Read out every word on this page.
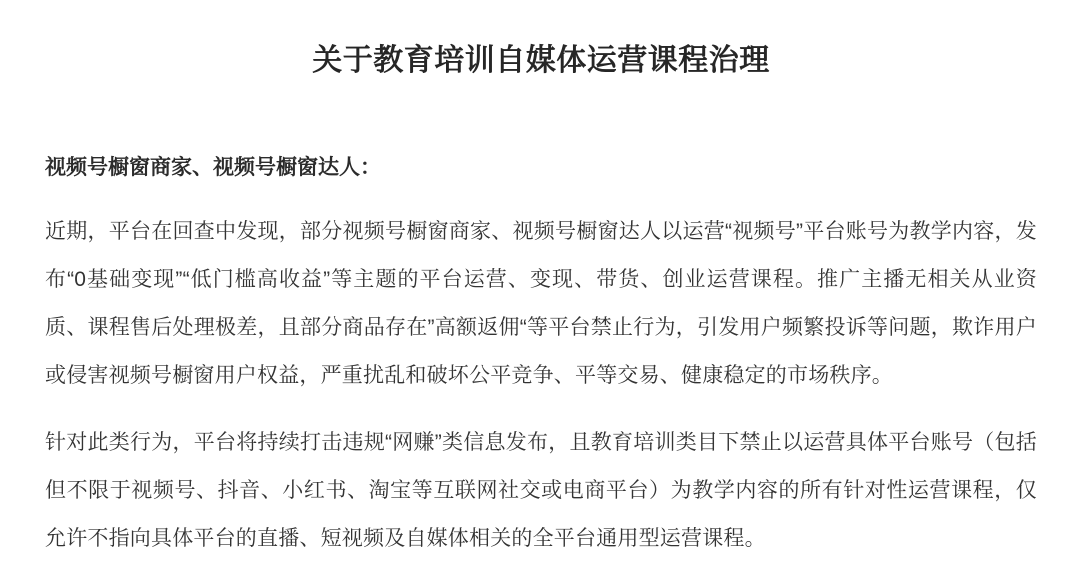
关于教育培训自媒体运营课程治理

视频号橱窗商家、视频号橱窗达人：

近期，平台在回查中发现，部分视频号橱窗商家、视频号橱窗达人以运营“视频号”平台账号为教学内容，发布“0基础变现”“低门槛高收益”等主题的平台运营、变现、带货、创业运营课程。推广主播无相关从业资质、课程售后处理极差，且部分商品存在”高额返佣“等平台禁止行为，引发用户频繁投诉等问题，欺诈用户或侵害视频号橱窗用户权益，严重扰乱和破坏公平竞争、平等交易、健康稳定的市场秩序。

针对此类行为，平台将持续打击违规“网赚”类信息发布，且教育培训类目下禁止以运营具体平台账号（包括但不限于视频号、抖音、小红书、淘宝等互联网社交或电商平台）为教学内容的所有针对性运营课程，仅允许不指向具体平台的直播、短视频及自媒体相关的全平台通用型运营课程。
